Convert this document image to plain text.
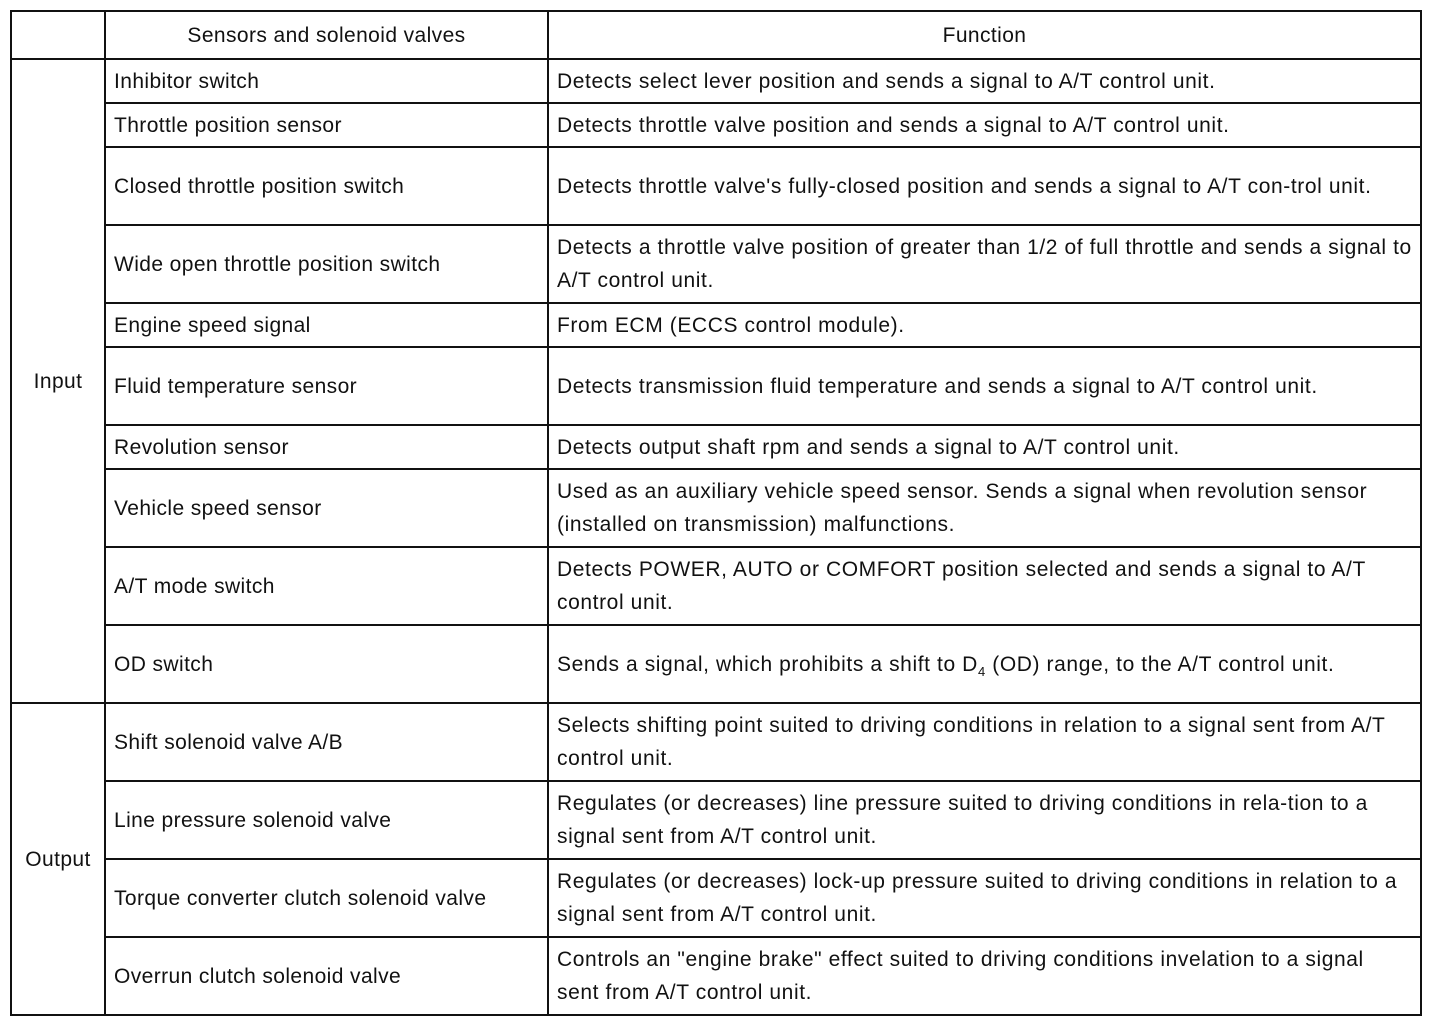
	Sensors and solenoid valves	Function
Input	Inhibitor switch	Detects select lever position and sends a signal to A/T control unit.
	Throttle position sensor	Detects throttle valve position and sends a signal to A/T control unit.
	Closed throttle position switch	Detects throttle valve's fully-closed position and sends a signal to A/T con-trol unit.
	Wide open throttle position switch	Detects a throttle valve position of greater than 1/2 of full throttle and sends a signal to A/T control unit.
	Engine speed signal	From ECM (ECCS control module).
	Fluid temperature sensor	Detects transmission fluid temperature and sends a signal to A/T control unit.
	Revolution sensor	Detects output shaft rpm and sends a signal to A/T control unit.
	Vehicle speed sensor	Used as an auxiliary vehicle speed sensor. Sends a signal when revolution sensor (installed on transmission) malfunctions.
	A/T mode switch	Detects POWER, AUTO or COMFORT position selected and sends a signal to A/T control unit.
	OD switch	Sends a signal, which prohibits a shift to $D_4$ (OD) range, to the A/T control unit.
Output	Shift solenoid valve A/B	Selects shifting point suited to driving conditions in relation to a signal sent from A/T control unit.
	Line pressure solenoid valve	Regulates (or decreases) line pressure suited to driving conditions in rela-tion to a signal sent from A/T control unit.
	Torque converter clutch solenoid valve	Regulates (or decreases) lock-up pressure suited to driving conditions in relation to a signal sent from A/T control unit.
	Overrun clutch solenoid valve	Controls an "engine brake" effect suited to driving conditions invelation to a signal sent from A/T control unit.
